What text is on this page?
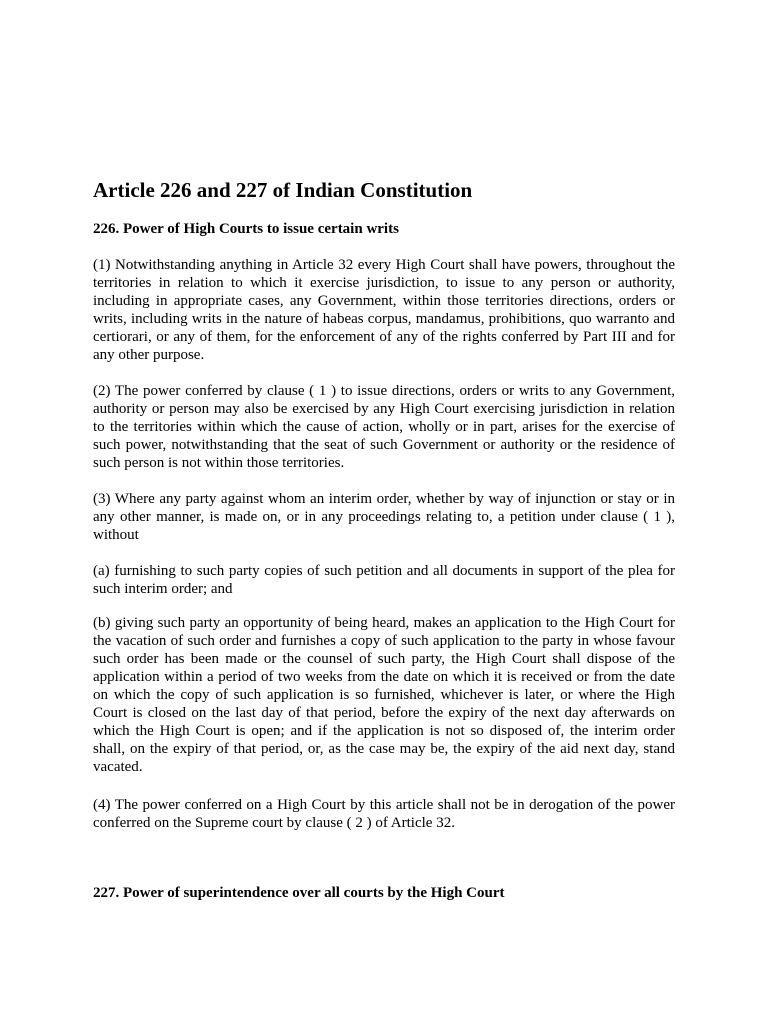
Article 226 and 227 of Indian Constitution
226. Power of High Courts to issue certain writs

(1) Notwithstanding anything in Article 32 every High Court shall have powers, throughout the territories in relation to which it exercise jurisdiction, to issue to any person or authority, including in appropriate cases, any Government, within those territories directions, orders or writs, including writs in the nature of habeas corpus, mandamus, prohibitions, quo warranto and certiorari, or any of them, for the enforcement of any of the rights conferred by Part III and for any other purpose.

(2) The power conferred by clause ( 1 ) to issue directions, orders or writs to any Government, authority or person may also be exercised by any High Court exercising jurisdiction in relation to the territories within which the cause of action, wholly or in part, arises for the exercise of such power, notwithstanding that the seat of such Government or authority or the residence of such person is not within those territories.

(3) Where any party against whom an interim order, whether by way of injunction or stay or in any other manner, is made on, or in any proceedings relating to, a petition under clause ( 1 ), without

(a) furnishing to such party copies of such petition and all documents in support of the plea for such interim order; and

(b) giving such party an opportunity of being heard, makes an application to the High Court for the vacation of such order and furnishes a copy of such application to the party in whose favour such order has been made or the counsel of such party, the High Court shall dispose of the application within a period of two weeks from the date on which it is received or from the date on which the copy of such application is so furnished, whichever is later, or where the High Court is closed on the last day of that period, before the expiry of the next day afterwards on which the High Court is open; and if the application is not so disposed of, the interim order shall, on the expiry of that period, or, as the case may be, the expiry of the aid next day, stand vacated.

(4) The power conferred on a High Court by this article shall not be in derogation of the power conferred on the Supreme court by clause ( 2 ) of Article 32.

227. Power of superintendence over all courts by the High Court
